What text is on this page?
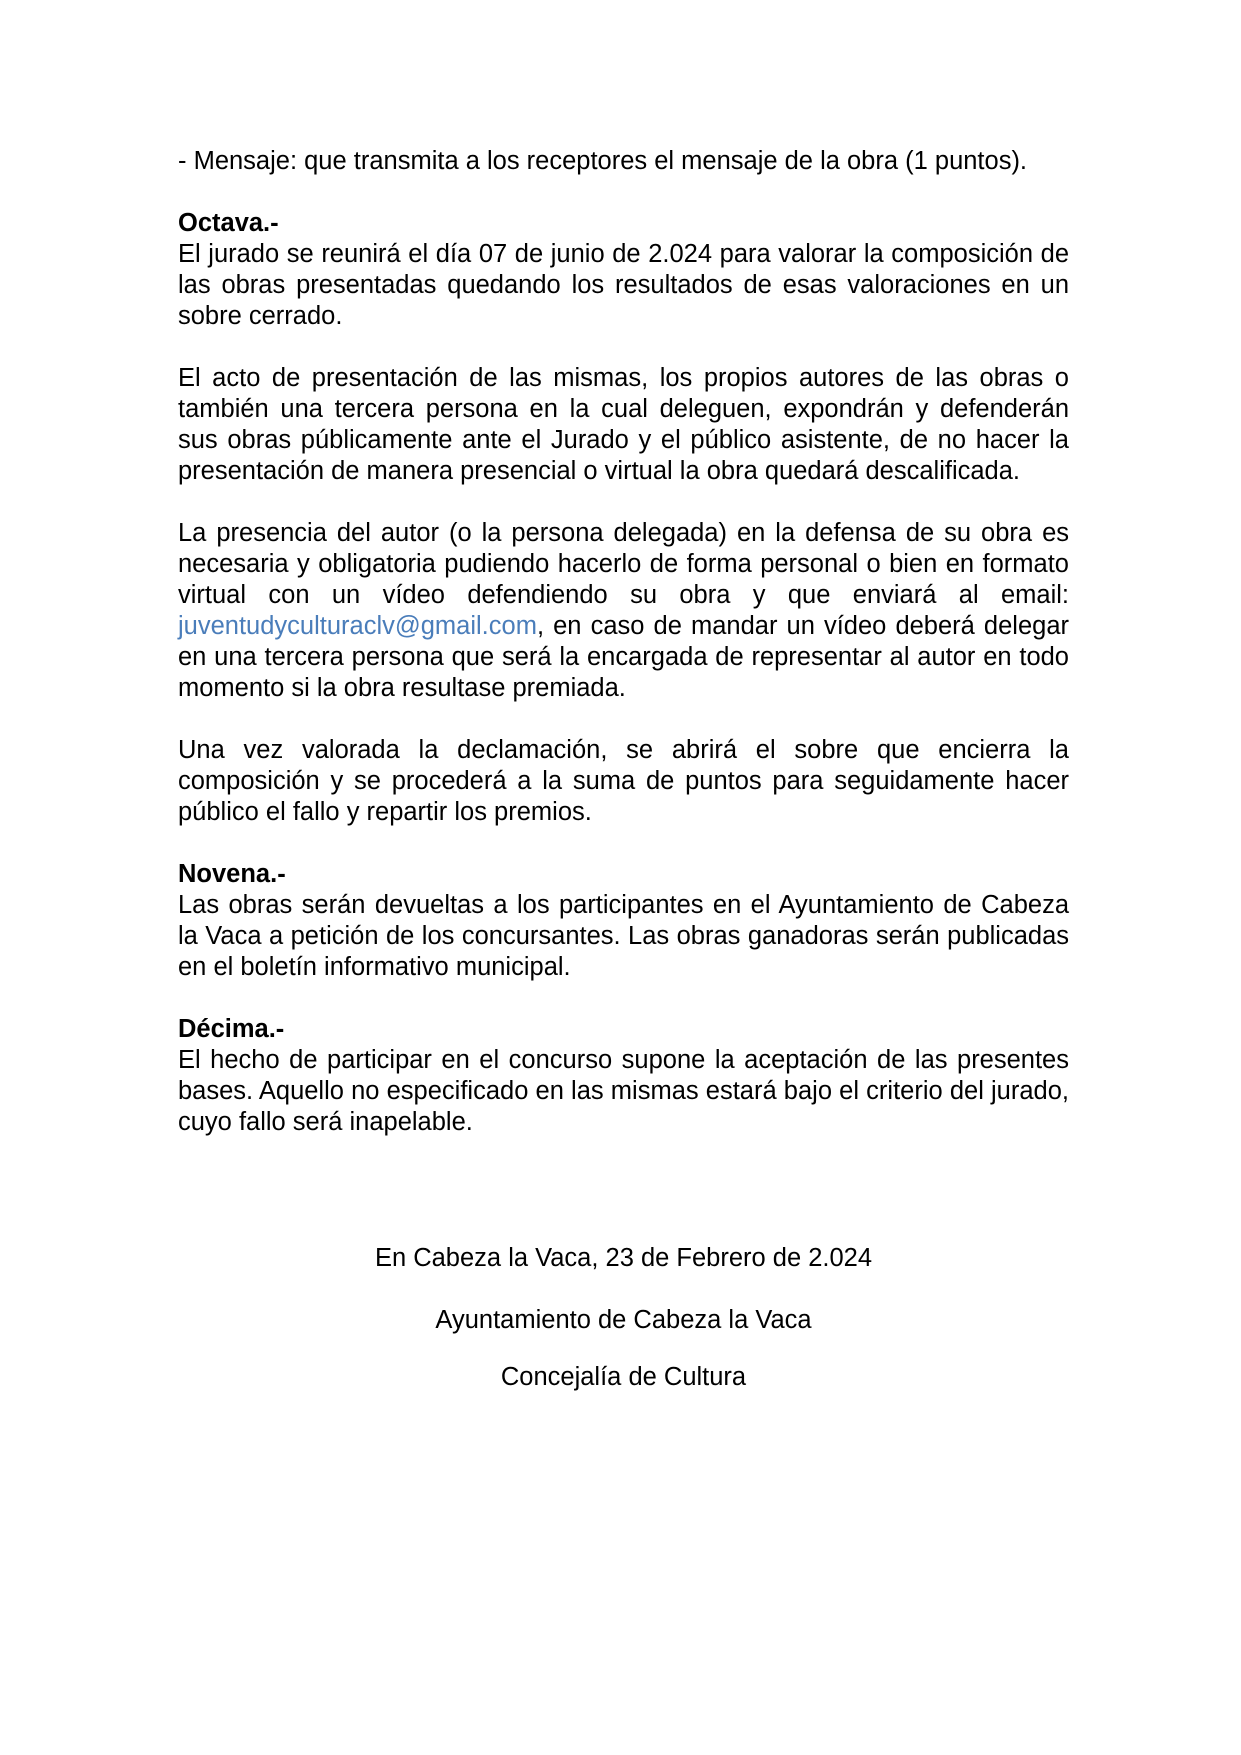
- Mensaje: que transmita a los receptores el mensaje de la obra (1 puntos).

Octava.-

El jurado se reunirá el día 07 de junio de 2.024 para valorar la composición de las obras presentadas quedando los resultados de esas valoraciones en un sobre cerrado.

El acto de presentación de las mismas, los propios autores de las obras o también una tercera persona en la cual deleguen, expondrán y defenderán sus obras públicamente ante el Jurado y el público asistente, de no hacer la presentación de manera presencial o virtual la obra quedará descalificada.

La presencia del autor (o la persona delegada) en la defensa de su obra es necesaria y obligatoria pudiendo hacerlo de forma personal o bien en formato virtual con un vídeo defendiendo su obra y que enviará al email: juventudyculturaclv@gmail.com, en caso de mandar un vídeo deberá delegar en una tercera persona que será la encargada de representar al autor en todo momento si la obra resultase premiada.

Una vez valorada la declamación, se abrirá el sobre que encierra la composición y se procederá a la suma de puntos para seguidamente hacer público el fallo y repartir los premios.

Novena.-

Las obras serán devueltas a los participantes en el Ayuntamiento de Cabeza la Vaca a petición de los concursantes. Las obras ganadoras serán publicadas en el boletín informativo municipal.

Décima.-

El hecho de participar en el concurso supone la aceptación de las presentes bases. Aquello no especificado en las mismas estará bajo el criterio del jurado, cuyo fallo será inapelable.

En Cabeza la Vaca, 23 de Febrero de 2.024

Ayuntamiento de Cabeza la Vaca

Concejalía de Cultura
